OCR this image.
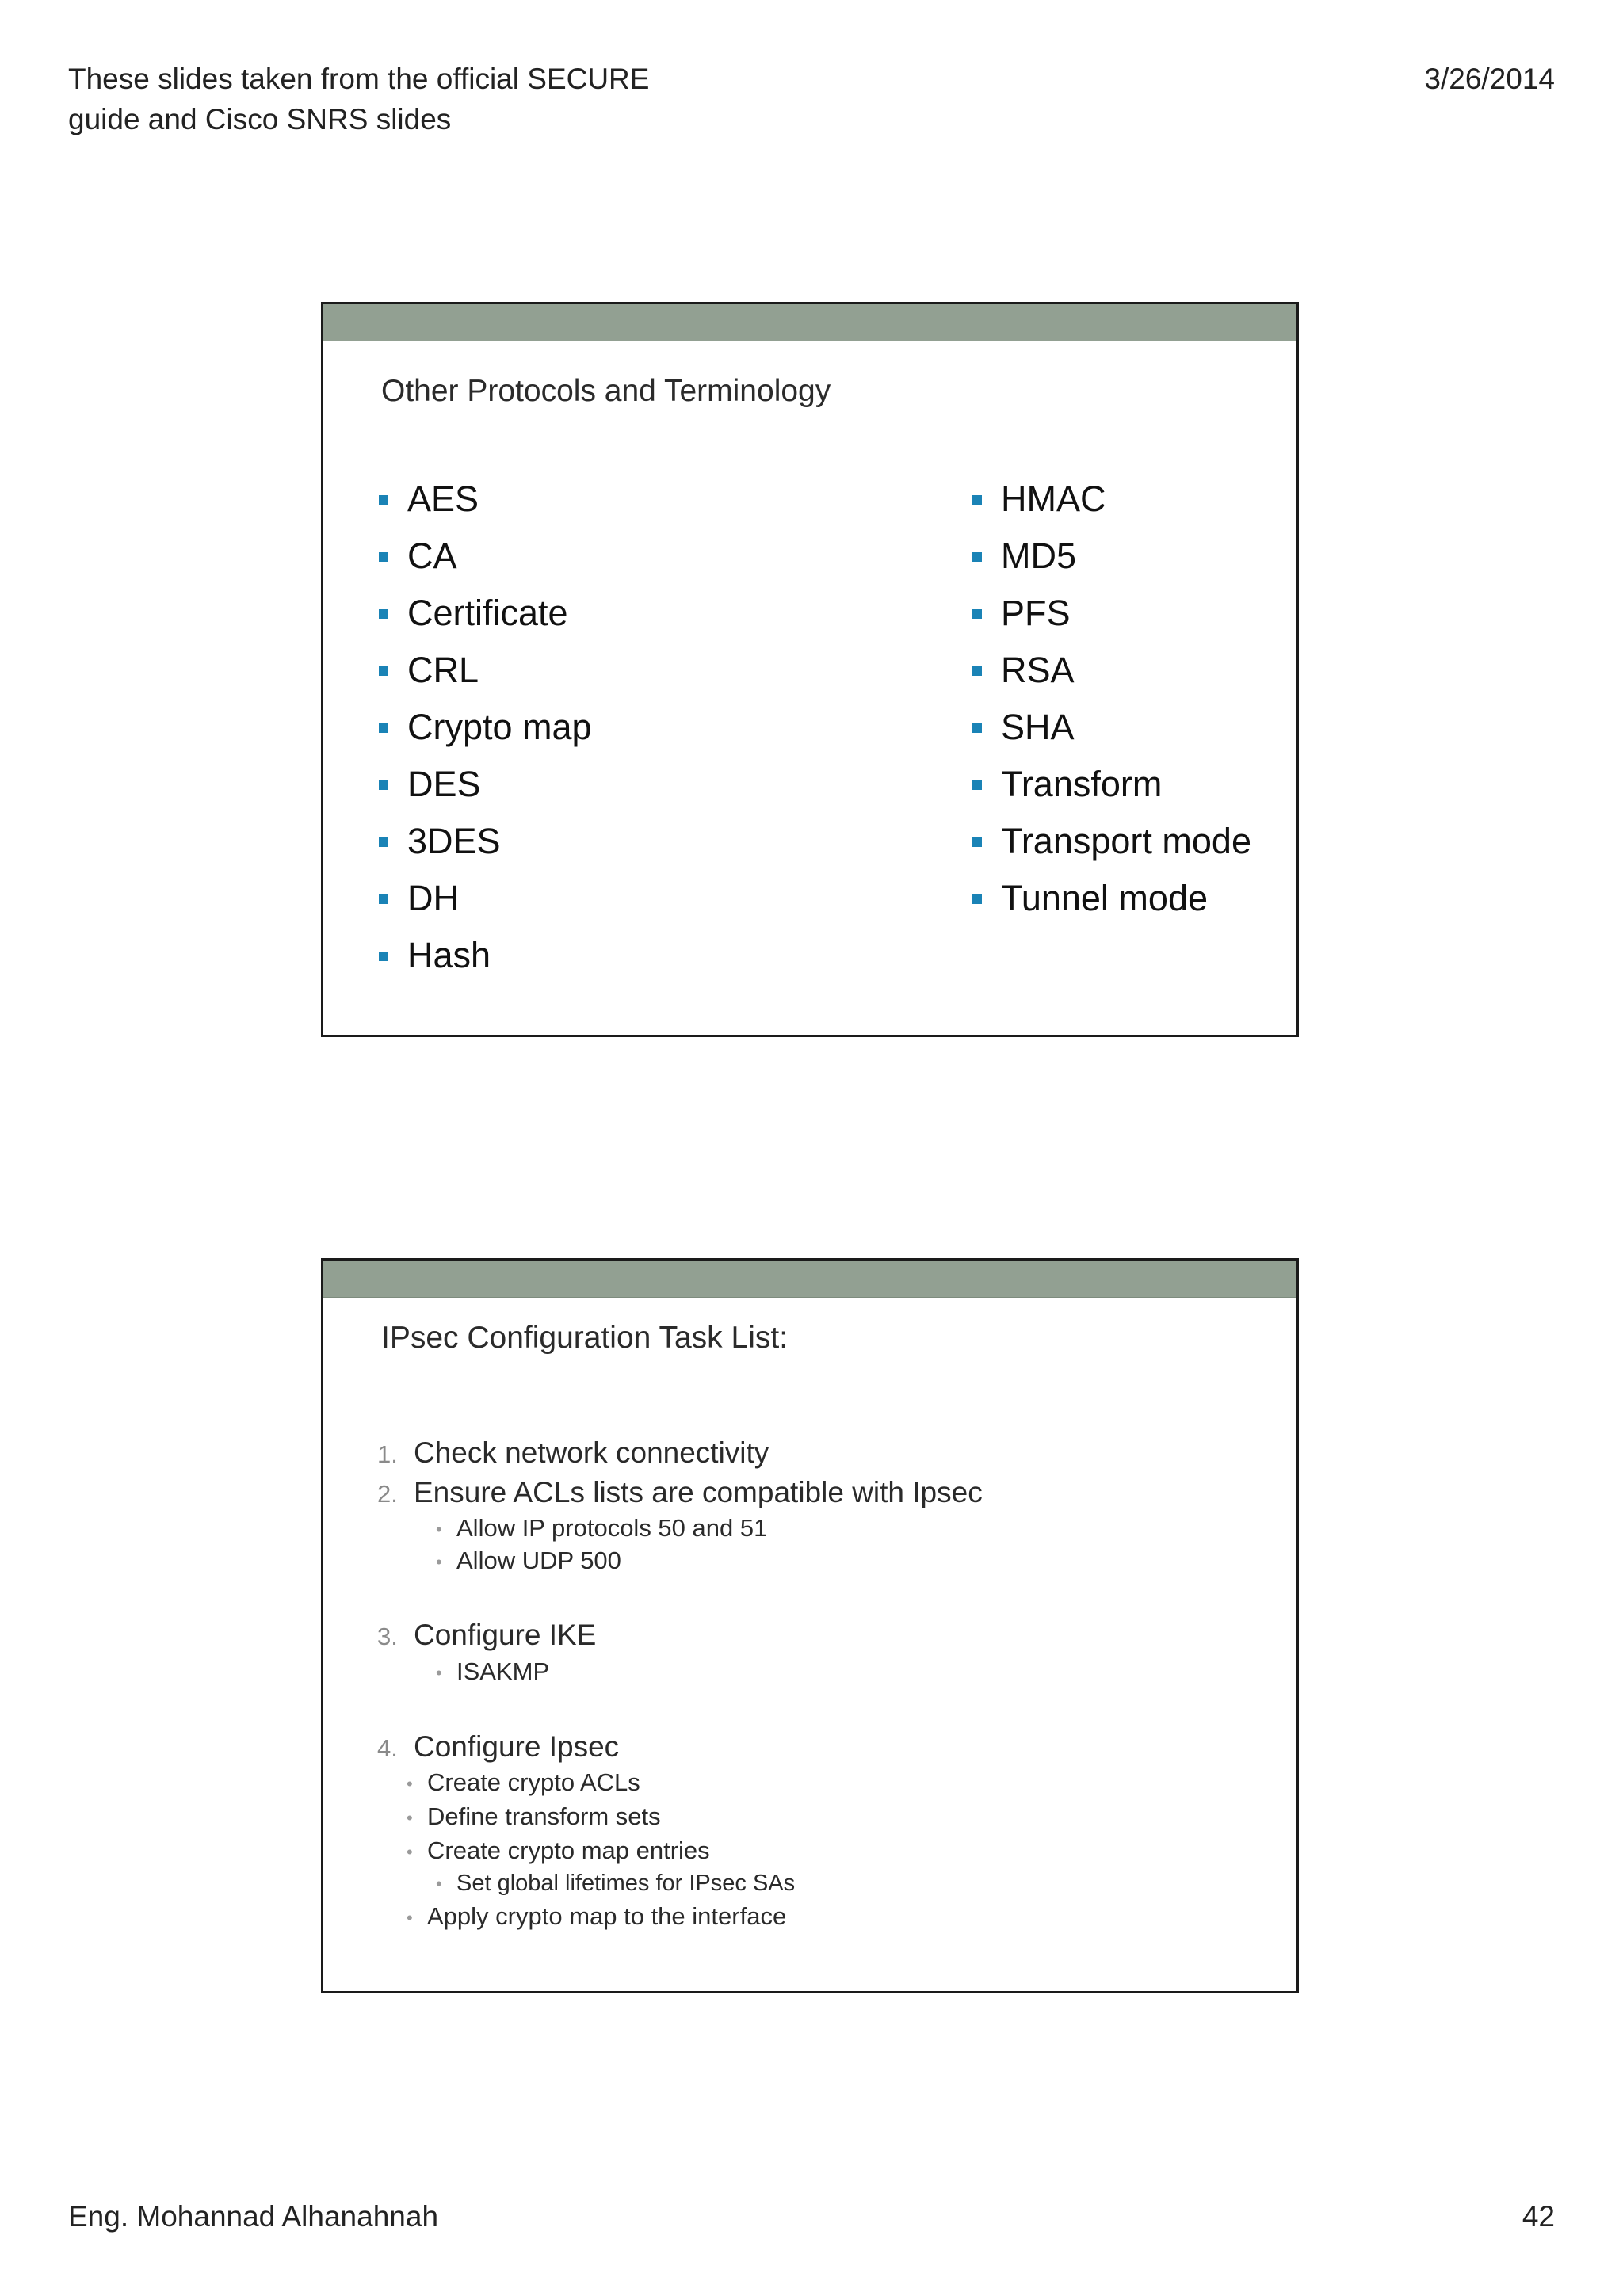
These slides taken from the official SECURE
guide and Cisco SNRS slides
3/26/2014
Other Protocols and Terminology
AES
CA
Certificate
CRL
Crypto map
DES
3DES
DH
Hash
HMAC
MD5
PFS
RSA
SHA
Transform
Transport mode
Tunnel mode
IPsec Configuration Task List:
1. Check network connectivity
2. Ensure ACLs lists are compatible with Ipsec
• Allow IP protocols 50 and 51
• Allow UDP 500
3. Configure IKE
• ISAKMP
4. Configure Ipsec
• Create crypto ACLs
• Define transform sets
• Create crypto map entries
• Set global lifetimes for IPsec SAs
• Apply crypto map to the interface
Eng. Mohannad Alhanahnah	42
